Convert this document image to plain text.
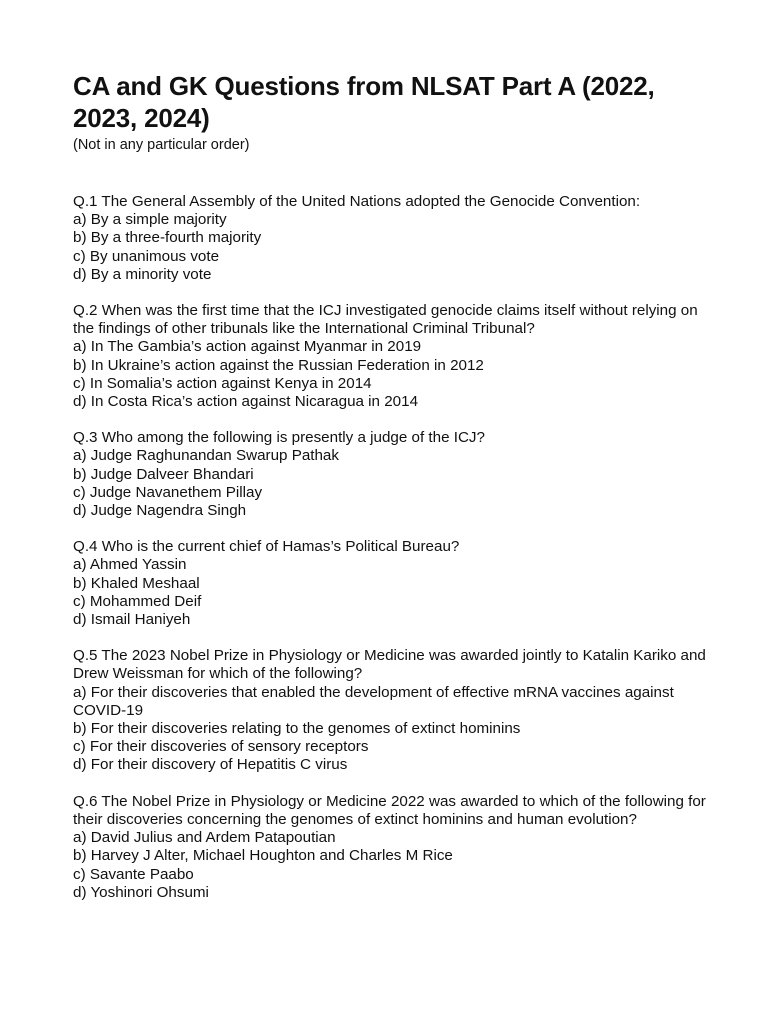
CA and GK Questions from NLSAT Part A (2022, 2023, 2024)

(Not in any particular order)

Q.1 The General Assembly of the United Nations adopted the Genocide Convention:

a) By a simple majority

b) By a three-fourth majority

c) By unanimous vote

d) By a minority vote

Q.2 When was the first time that the ICJ investigated genocide claims itself without relying on the findings of other tribunals like the International Criminal Tribunal?

a) In The Gambia’s action against Myanmar in 2019

b) In Ukraine’s action against the Russian Federation in 2012

c) In Somalia’s action against Kenya in 2014

d) In Costa Rica’s action against Nicaragua in 2014

Q.3 Who among the following is presently a judge of the ICJ?

a) Judge Raghunandan Swarup Pathak

b) Judge Dalveer Bhandari

c) Judge Navanethem Pillay

d) Judge Nagendra Singh

Q.4 Who is the current chief of Hamas’s Political Bureau?

a) Ahmed Yassin

b) Khaled Meshaal

c) Mohammed Deif

d) Ismail Haniyeh

Q.5 The 2023 Nobel Prize in Physiology or Medicine was awarded jointly to Katalin Kariko and Drew Weissman for which of the following?

a) For their discoveries that enabled the development of effective mRNA vaccines against COVID-19

b) For their discoveries relating to the genomes of extinct hominins

c) For their discoveries of sensory receptors

d) For their discovery of Hepatitis C virus

Q.6 The Nobel Prize in Physiology or Medicine 2022 was awarded to which of the following for their discoveries concerning the genomes of extinct hominins and human evolution?

a) David Julius and Ardem Patapoutian

b) Harvey J Alter, Michael Houghton and Charles M Rice

c) Savante Paabo

d) Yoshinori Ohsumi
